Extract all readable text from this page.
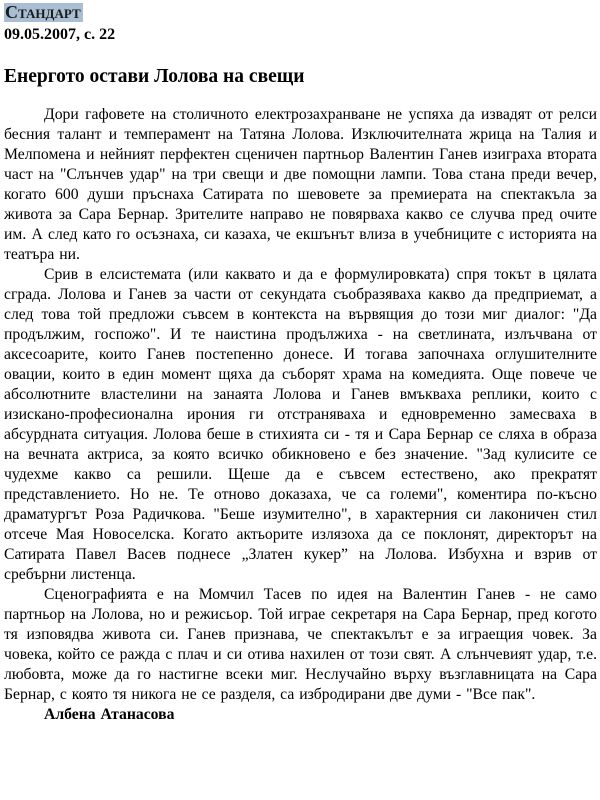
Стандарт
09.05.2007, с. 22
Енергото остави Лолова на свещи

Дори гафовете на столичното електрозахранване не успяха да извадят от релси бесния талант и темперамент на Татяна Лолова. Изключителната жрица на Талия и Мелпомена и нейният перфектен сценичен партньор Валентин Ганев изиграха втората част на "Слънчев удар" на три свещи и две помощни лампи. Това стана преди вечер, когато 600 души пръснаха Сатирата по шевовете за премиерата на спектакъла за живота за Сара Бернар. Зрителите направо не повярваха какво се случва пред очите им. А след като го осъзнаха, си казаха, че екшънът влиза в учебниците с историята на театъра ни.

Срив в елсистемата (или каквато и да е формулировката) спря токът в цялата сграда. Лолова и Ганев за части от секундата съобразяваха какво да предприемат, а след това той предложи съвсем в контекста на вървящия до този миг диалог: "Да продължим, госпожо". И те наистина продължиха - на светлината, излъчвана от аксесоарите, които Ганев постепенно донесе. И тогава започнаха оглушителните овации, които в един момент щяха да съборят храма на комедията. Още повече че абсолютните властелини на занаята Лолова и Ганев вмъкваха реплики, които с изискано-професионална ирония ги отстраняваха и едновременно замесваха в абсурдната ситуация. Лолова беше в стихията си - тя и Сара Бернар се сляха в образа на вечната актриса, за която всичко обикновено е без значение. "Зад кулисите се чудехме какво са решили. Щеше да е съвсем естествено, ако прекратят представлението. Но не. Те отново доказаха, че са големи", коментира по-късно драматургът Роза Радичкова. "Беше изумително", в характерния си лаконичен стил отсече Мая Новоселска. Когато актьорите излязоха да се поклонят, директорът на Сатирата Павел Васев поднесе „Златен кукер” на Лолова. Избухна и взрив от сребърни листенца.

Сценографията е на Момчил Тасев по идея на Валентин Ганев - не само партньор на Лолова, но и режисьор. Той играе секретаря на Сара Бернар, пред когото тя изповядва живота си. Ганев признава, че спектакълът е за играещия човек. За човека, който се ражда с плач и си отива нахилен от този свят. А слънчевият удар, т.е. любовта, може да го настигне всеки миг. Неслучайно върху възглавницата на Сара Бернар, с която тя никога не се разделя, са избродирани две думи - "Все пак".

Албена Атанасова
